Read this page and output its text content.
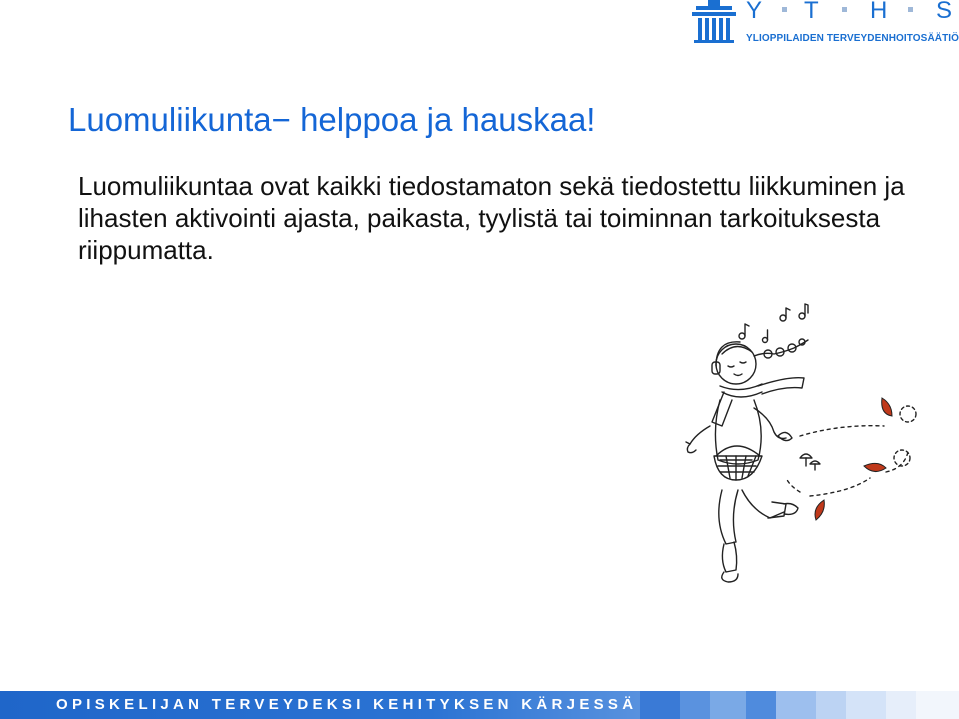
Y T H S
YLIOPPILAIDEN TERVEYDENHOITOSÄÄTIÖ
Luomuliikunta− helppoa ja hauskaa!

Luomuliikuntaa ovat kaikki tiedostamaton sekä tiedostettu liikkuminen ja lihasten aktivointi ajasta, paikasta, tyylistä tai toiminnan tarkoituksesta riippumatta.

OPISKELIJAN TERVEYDEKSI KEHITYKSEN KÄRJESSÄ
